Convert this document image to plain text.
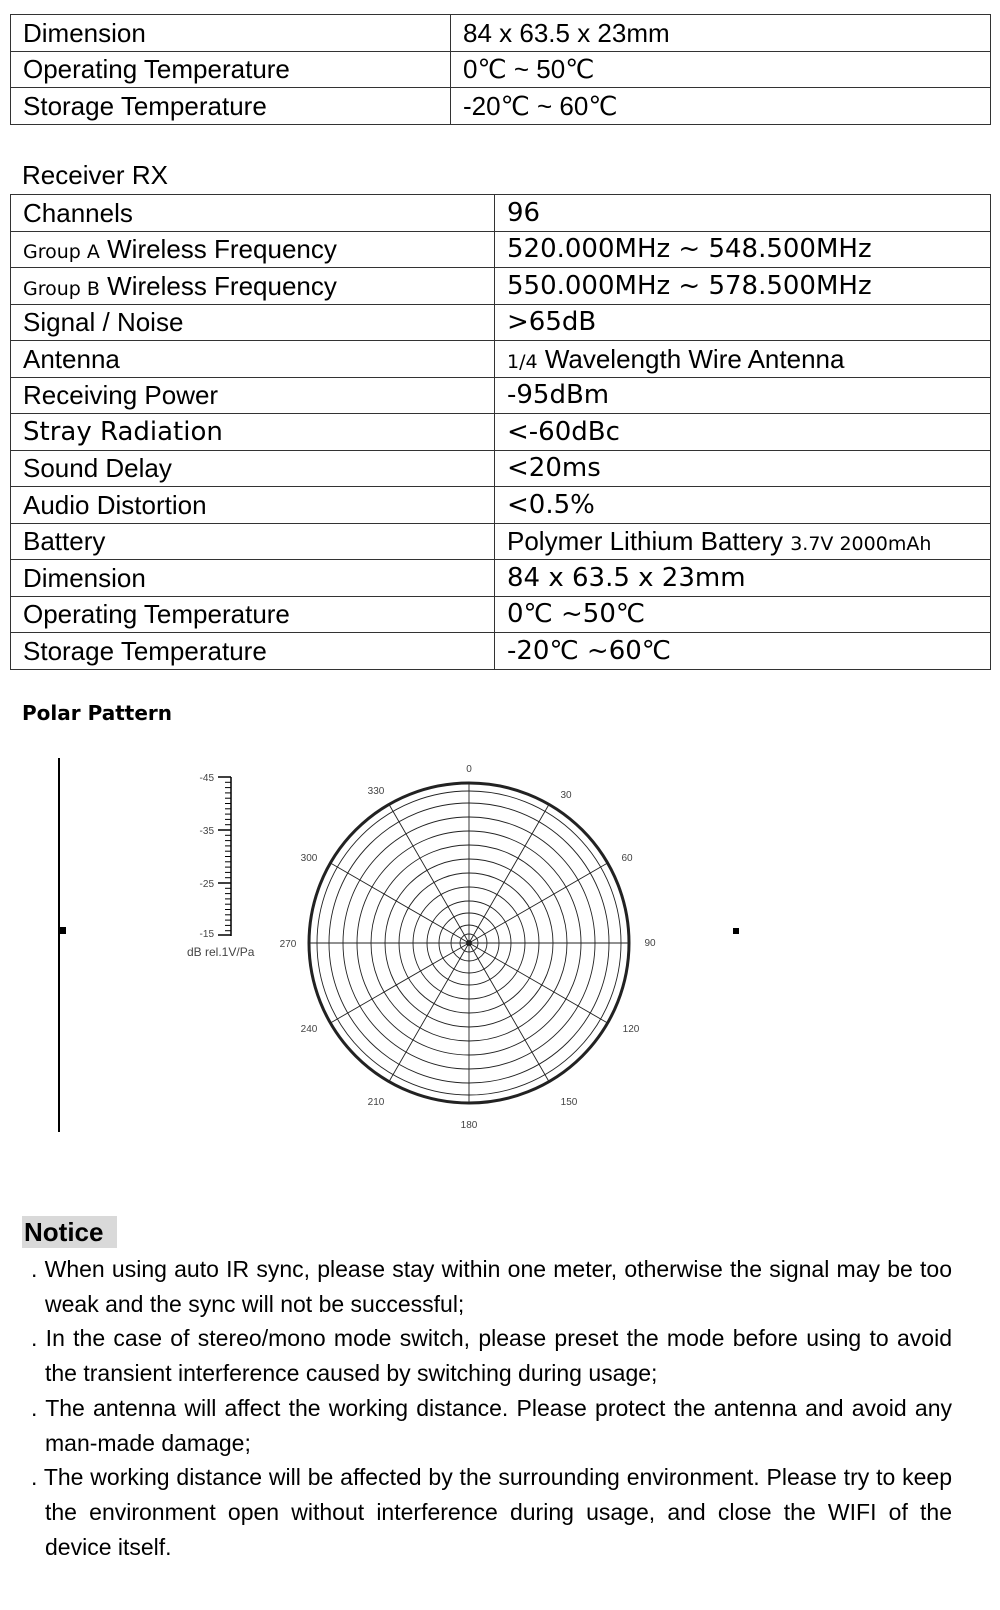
Dimension	84 x 63.5 x 23mm
Operating Temperature	0℃ ~ 50℃
Storage Temperature	-20℃ ~ 60℃
Receiver RX
Channels	96
Group A Wireless Frequency	520.000MHz ~ 548.500MHz
Group B Wireless Frequency	550.000MHz ~ 578.500MHz
Signal / Noise	>65dB
Antenna	1/4 Wavelength Wire Antenna
Receiving Power	-95dBm
Stray Radiation	<-60dBc
Sound Delay	<20ms
Audio Distortion	<0.5%
Battery	Polymer Lithium Battery 3.7V 2000mAh
Dimension	84 x 63.5 x 23mm
Operating Temperature	0℃ ~50℃
Storage Temperature	-20℃ ~60℃
Polar Pattern
-45
-35
-25
-15
dB rel.1V/Pa
0
30
60
90
120
150
180
210
240
270
300
330
Notice
. When using auto IR sync, please stay within one meter, otherwise the signal may be too weak and the sync will not be successful;
. In the case of stereo/mono mode switch, please preset the mode before using to avoid the transient interference caused by switching during usage;
. The antenna will affect the working distance. Please protect the antenna and avoid any man-made damage;
. The working distance will be affected by the surrounding environment. Please try to keep the environment open without interference during usage, and close the WIFI of the device itself.
